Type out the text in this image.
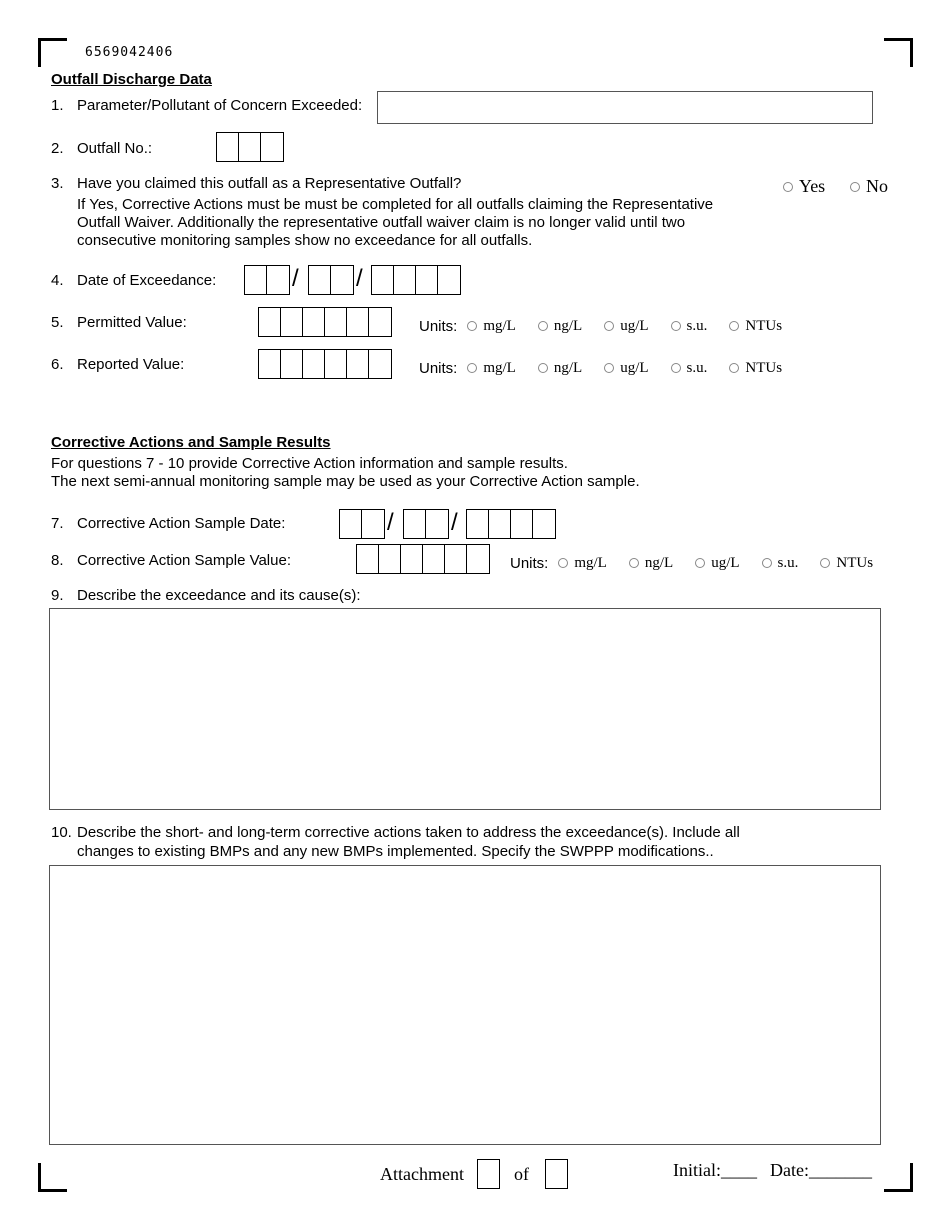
6569042406
Outfall Discharge Data
1. Parameter/Pollutant of Concern Exceeded:
2. Outfall No.:
3. Have you claimed this outfall as a Representative Outfall?
If Yes, Corrective Actions must be must be completed for all outfalls claiming the Representative
Outfall Waiver. Additionally the representative outfall waiver claim is no longer valid until two
consecutive monitoring samples show no exceedance for all outfalls.
Yes No
4. Date of Exceedance:	/ /
5. Permitted Value:	Units: mg/L	ng/L	ug/L	s.u.	NTUs
6. Reported Value:	Units: mg/L	ng/L	ug/L	s.u.	NTUs
Corrective Actions and Sample Results
For questions 7 - 10 provide Corrective Action information and sample results.
The next semi-annual monitoring sample may be used as your Corrective Action sample.
7. Corrective Action Sample Date:	/ /
8. Corrective Action Sample Value:	Units: mg/L	ng/L	ug/L	s.u.	NTUs
9. Describe the exceedance and its cause(s):
10. Describe the short- and long-term corrective actions taken to address the exceedance(s). Include all
changes to existing BMPs and any new BMPs implemented. Specify the SWPPP modifications..
Attachment	of	Initial:____ Date:_______
